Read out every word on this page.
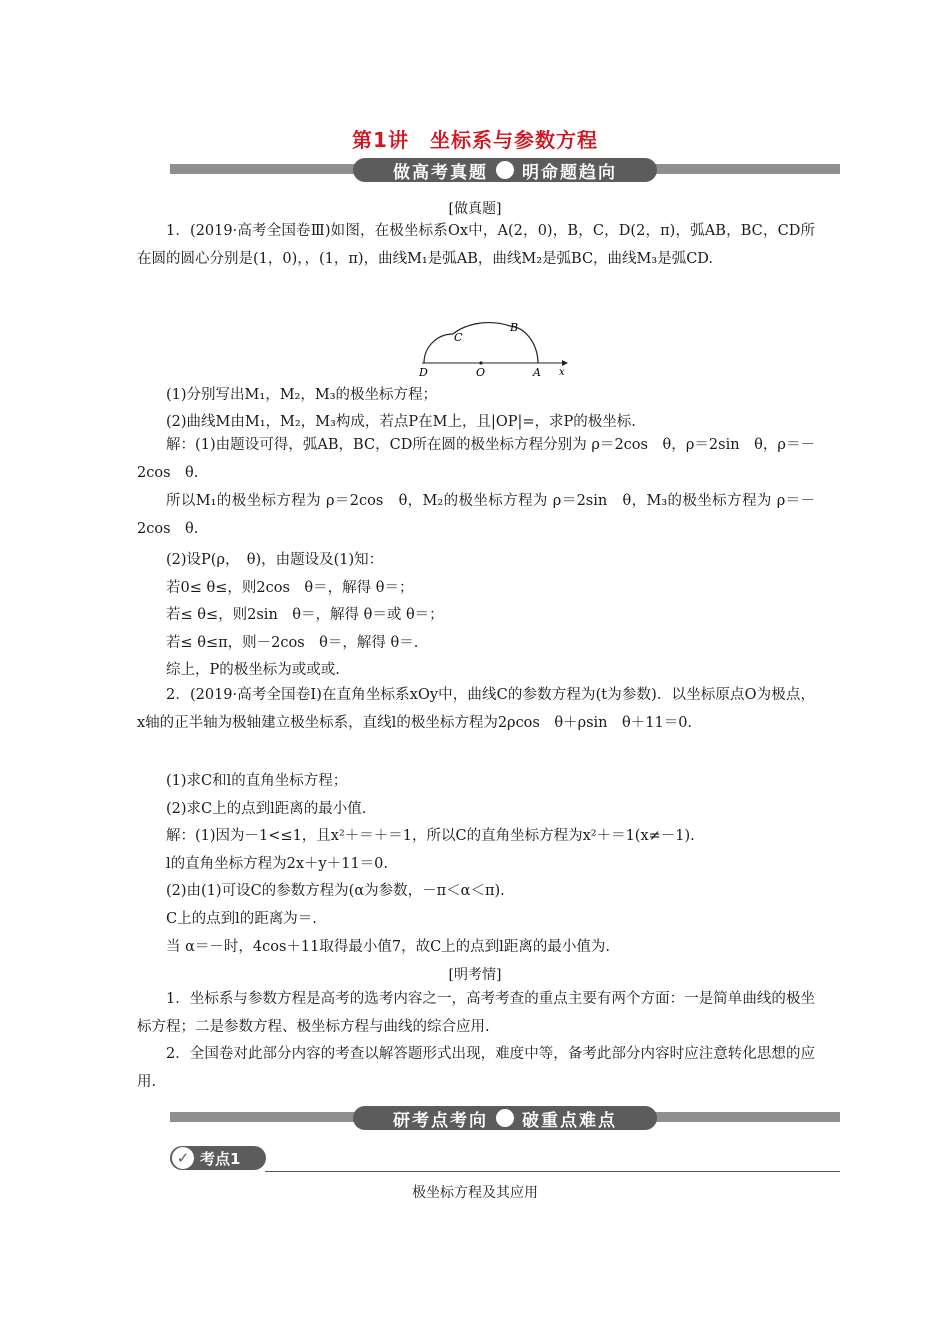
第1讲　坐标系与参数方程
做高考真题 & 明命题趋向
[做真题]
1．(2019·高考全国卷Ⅲ)如图，在极坐标系Ox中，A(2，0)，B，C，D(2，π)，弧AB，BC，CD所在圆的圆心分别是(1，0)，，(1，π)，曲线M₁是弧AB，曲线M₂是弧BC，曲线M₃是弧CD.
C
B
D	O	A x
(1)分别写出M₁，M₂，M₃的极坐标方程；
(2)曲线M由M₁，M₂，M₃构成，若点P在M上，且|OP|=，求P的极坐标.
解：(1)由题设可得，弧AB，BC，CD所在圆的极坐标方程分别为 ρ＝2cos　θ，ρ＝2sin　θ，ρ＝－2cos　θ.
所以M₁的极坐标方程为 ρ＝2cos　θ，M₂的极坐标方程为 ρ＝2sin　θ，M₃的极坐标方程为 ρ＝－2cos　θ.
(2)设P(ρ，　θ)，由题设及(1)知：
若0≤ θ≤，则2cos　θ＝，解得 θ＝；
若≤ θ≤，则2sin　θ＝，解得 θ＝或 θ＝；
若≤ θ≤π，则－2cos　θ＝，解得 θ＝.
综上，P的极坐标为或或或.
2．(2019·高考全国卷Ⅰ)在直角坐标系xOy中，曲线C的参数方程为(t为参数)．以坐标原点O为极点，x轴的正半轴为极轴建立极坐标系，直线l的极坐标方程为2ρcos　θ＋ρsin　θ＋11＝0.
(1)求C和l的直角坐标方程；
(2)求C上的点到l距离的最小值.
解：(1)因为－1<≤1，且x²＋＝＋＝1，所以C的直角坐标方程为x²＋＝1(x≠－1).
l的直角坐标方程为2x＋y＋11＝0.
(2)由(1)可设C的参数方程为(α为参数，－π＜α＜π).
C上的点到l的距离为＝.
当 α＝－时，4cos＋11取得最小值7，故C上的点到l距离的最小值为.
[明考情]
1．坐标系与参数方程是高考的选考内容之一，高考考查的重点主要有两个方面：一是简单曲线的极坐标方程；二是参数方程、极坐标方程与曲线的综合应用.
2．全国卷对此部分内容的考查以解答题形式出现，难度中等，备考此部分内容时应注意转化思想的应用.
研考点考向 & 破重点难点
✓ 考点1
极坐标方程及其应用
